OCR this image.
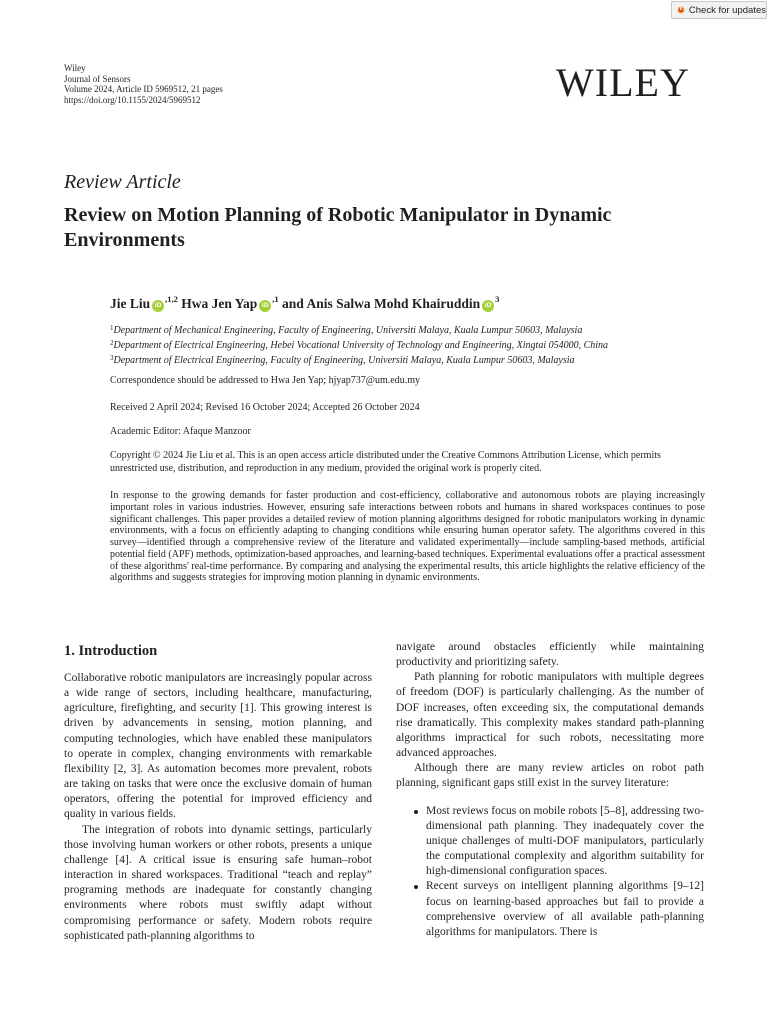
Check for updates
Wiley
Journal of Sensors
Volume 2024, Article ID 5969512, 21 pages
https://doi.org/10.1155/2024/5969512	WILEY
Review Article
Review on Motion Planning of Robotic Manipulator in Dynamic Environments
Jie Liu $iD^{,1,2}$ Hwa Jen Yap $iD^{,1}$ and Anis Salwa Mohd Khairuddin $iD^3$
$^1$Department of Mechanical Engineering, Faculty of Engineering, Universiti Malaya, Kuala Lumpur 50603, Malaysia
$^2$Department of Electrical Engineering, Hebei Vocational University of Technology and Engineering, Xingtai 054000, China
$^3$Department of Electrical Engineering, Faculty of Engineering, Universiti Malaya, Kuala Lumpur 50603, Malaysia
Correspondence should be addressed to Hwa Jen Yap; hjyap737@um.edu.my
Received 2 April 2024; Revised 16 October 2024; Accepted 26 October 2024
Academic Editor: Afaque Manzoor
Copyright © 2024 Jie Liu et al. This is an open access article distributed under the Creative Commons Attribution License, which permits unrestricted use, distribution, and reproduction in any medium, provided the original work is properly cited.
In response to the growing demands for faster production and cost-efficiency, collaborative and autonomous robots are playing increasingly important roles in various industries. However, ensuring safe interactions between robots and humans in shared workspaces continues to pose significant challenges. This paper provides a detailed review of motion planning algorithms designed for robotic manipulators working in dynamic environments, with a focus on efficiently adapting to changing conditions while ensuring human operator safety. The algorithms covered in this survey—identified through a comprehensive review of the literature and validated experimentally—include sampling-based methods, artificial potential field (APF) methods, optimization-based approaches, and learning-based techniques. Experimental evaluations offer a practical assessment of these algorithms' real-time performance. By comparing and analysing the experimental results, this article highlights the relative efficiency of the algorithms and suggests strategies for improving motion planning in dynamic environments.
1. Introduction

Collaborative robotic manipulators are increasingly popular across a wide range of sectors, including healthcare, manufacturing, agriculture, firefighting, and security [1]. This growing interest is driven by advancements in sensing, motion planning, and computing technologies, which have enabled these manipulators to operate in complex, changing environments with remarkable flexibility [2, 3]. As automation becomes more prevalent, robots are taking on tasks that were once the exclusive domain of human operators, offering the potential for improved efficiency and quality in various fields.

The integration of robots into dynamic settings, particularly those involving human workers or other robots, presents a unique challenge [4]. A critical issue is ensuring safe human–robot interaction in shared workspaces. Traditional “teach and replay” programing methods are inadequate for constantly changing environments where robots must swiftly adapt without compromising performance or safety. Modern robots require sophisticated path-planning algorithms to

navigate around obstacles efficiently while maintaining productivity and prioritizing safety.

Path planning for robotic manipulators with multiple degrees of freedom (DOF) is particularly challenging. As the number of DOF increases, often exceeding six, the computational demands rise dramatically. This complexity makes standard path-planning algorithms impractical for such robots, necessitating more advanced approaches.

Although there are many review articles on robot path planning, significant gaps still exist in the survey literature:

Most reviews focus on mobile robots [5–8], addressing two-dimensional path planning. They inadequately cover the unique challenges of multi-DOF manipulators, particularly the computational complexity and algorithm suitability for high-dimensional configuration spaces.
Recent surveys on intelligent planning algorithms [9–12] focus on learning-based approaches but fail to provide a comprehensive overview of all available path-planning algorithms for manipulators. There is
